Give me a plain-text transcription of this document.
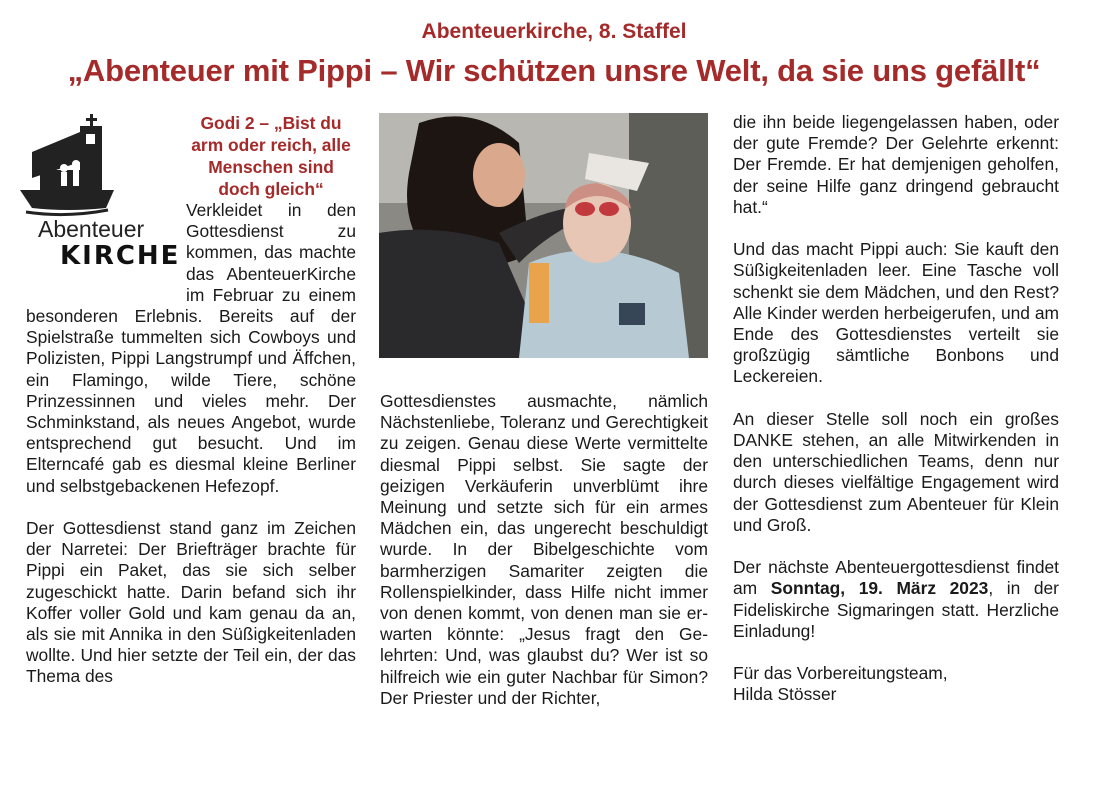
Abenteuerkirche, 8. Staffel
„Abenteuer mit Pippi – Wir schützen unsre Welt, da sie uns gefällt“
Abenteuer
KIRCHE
Godi 2 – „Bist du arm oder reich, alle Menschen sind doch gleich“

Verkleidet in den Gottesdienst zu kommen, das machte das AbenteuerKirche im Februar zu einem besonderen Erlebnis. Bereits auf der Spielstraße tummelten sich Cowboys und Polizisten, Pippi Langstrumpf und Äffchen, ein Flamingo, wilde Tiere, schöne Prinzessinnen und vieles mehr. Der Schminkstand, als neues Angebot, wurde entsprechend gut besucht. Und im Elterncafé gab es diesmal kleine Berliner und selbstgebackenen Hefezopf.

Der Gottesdienst stand ganz im Zeichen der Narretei: Der Briefträger brachte für Pippi ein Paket, das sie sich selber zugeschickt hatte. Darin befand sich ihr Koffer voller Gold und kam genau da an, als sie mit Annika in den Süßigkeitenladen wollte. Und hier setzte der Teil ein, der das Thema des

Gottesdienstes ausmachte, nämlich Nächstenliebe, Toleranz und Gerechtigkeit zu zeigen. Genau diese Werte vermittelte diesmal Pippi selbst. Sie sagte der geizigen Verkäuferin unverblümt ihre Meinung und setzte sich für ein armes Mädchen ein, das ungerecht beschuldigt wurde. In der Bibelgeschichte vom barmherzigen Samariter zeigten die Rollenspielkinder, dass Hilfe nicht immer von denen kommt, von denen man sie erwarten könnte: „Jesus fragt den Gelehrten: Und, was glaubst du? Wer ist so hilfreich wie ein guter Nachbar für Simon? Der Priester und der Richter,

die ihn beide liegengelassen haben, oder der gute Fremde? Der Gelehrte erkennt: Der Fremde. Er hat demjenigen geholfen, der seine Hilfe ganz dringend gebraucht hat.“

Und das macht Pippi auch: Sie kauft den Süßigkeitenladen leer. Eine Tasche voll schenkt sie dem Mädchen, und den Rest? Alle Kinder werden herbeigerufen, und am Ende des Gottesdienstes verteilt sie großzügig sämtliche Bonbons und Leckereien.

An dieser Stelle soll noch ein großes DANKE stehen, an alle Mitwirkenden in den unterschiedlichen Teams, denn nur durch dieses vielfältige Engagement wird der Gottesdienst zum Abenteuer für Klein und Groß.

Der nächste Abenteuergottesdienst findet am Sonntag, 19. März 2023, in der Fideliskirche Sigmaringen statt. Herzliche Einladung!

Für das Vorbereitungsteam,
Hilda Stösser
